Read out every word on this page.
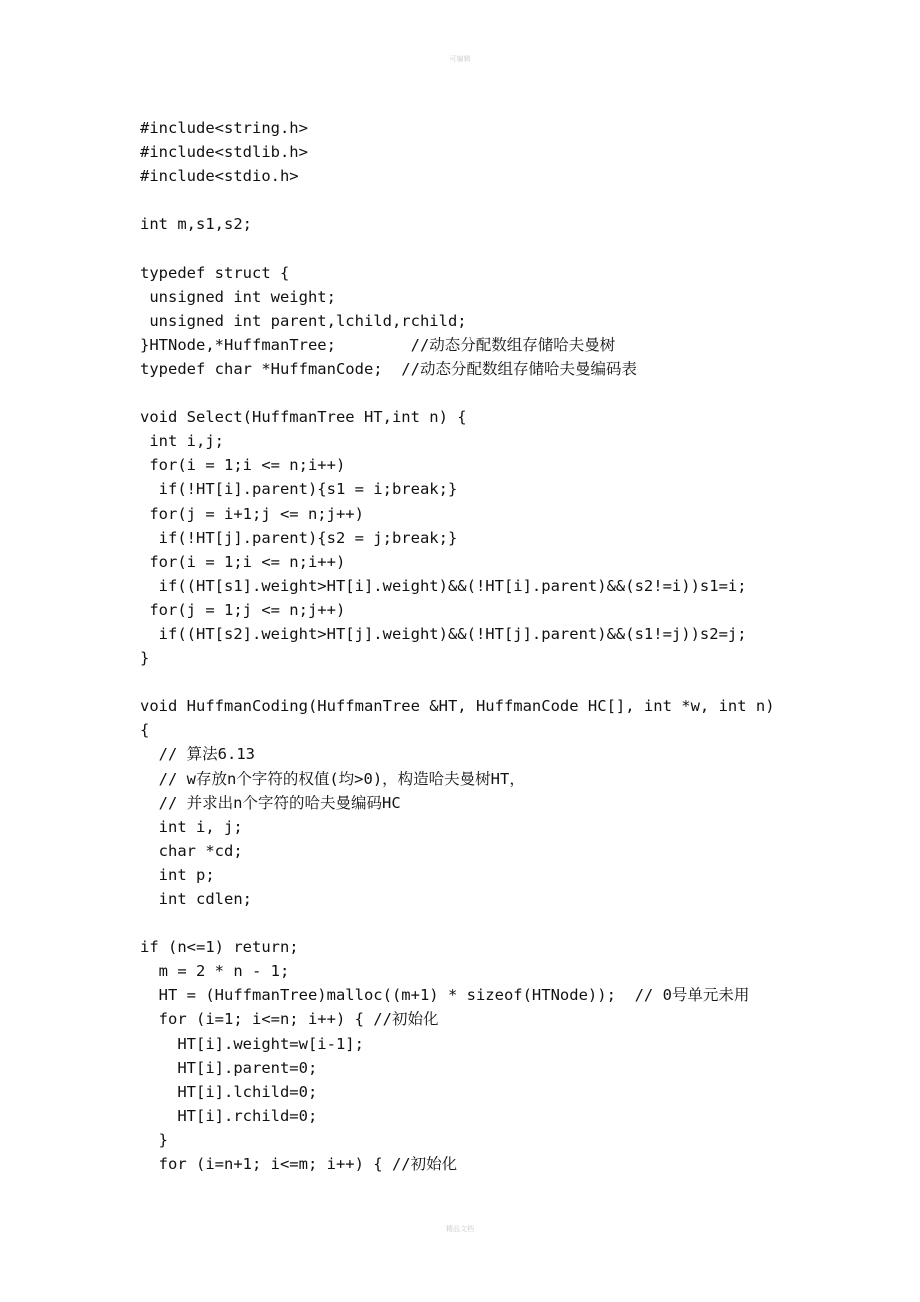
可编辑
#include<string.h>
#include<stdlib.h>
#include<stdio.h>
int m,s1,s2;
typedef struct {
unsigned int weight;
unsigned int parent,lchild,rchild;
}HTNode,*HuffmanTree;        //动态分配数组存储哈夫曼树
typedef char *HuffmanCode;  //动态分配数组存储哈夫曼编码表
void Select(HuffmanTree HT,int n) {
int i,j;
for(i = 1;i <= n;i++)
if(!HT[i].parent){s1 = i;break;}
for(j = i+1;j <= n;j++)
if(!HT[j].parent){s2 = j;break;}
for(i = 1;i <= n;i++)
if((HT[s1].weight>HT[i].weight)&&(!HT[i].parent)&&(s2!=i))s1=i;
for(j = 1;j <= n;j++)
if((HT[s2].weight>HT[j].weight)&&(!HT[j].parent)&&(s1!=j))s2=j;
}
void HuffmanCoding(HuffmanTree &HT, HuffmanCode HC[], int *w, int n)
{
// 算法6.13
// w存放n个字符的权值(均>0)，构造哈夫曼树HT，
// 并求出n个字符的哈夫曼编码HC
int i, j;
char *cd;
int p;
int cdlen;
if (n<=1) return;
m = 2 * n - 1;
HT = (HuffmanTree)malloc((m+1) * sizeof(HTNode));  // 0号单元未用
for (i=1; i<=n; i++) { //初始化
HT[i].weight=w[i-1];
HT[i].parent=0;
HT[i].lchild=0;
HT[i].rchild=0;
}
for (i=n+1; i<=m; i++) { //初始化
精品文档
